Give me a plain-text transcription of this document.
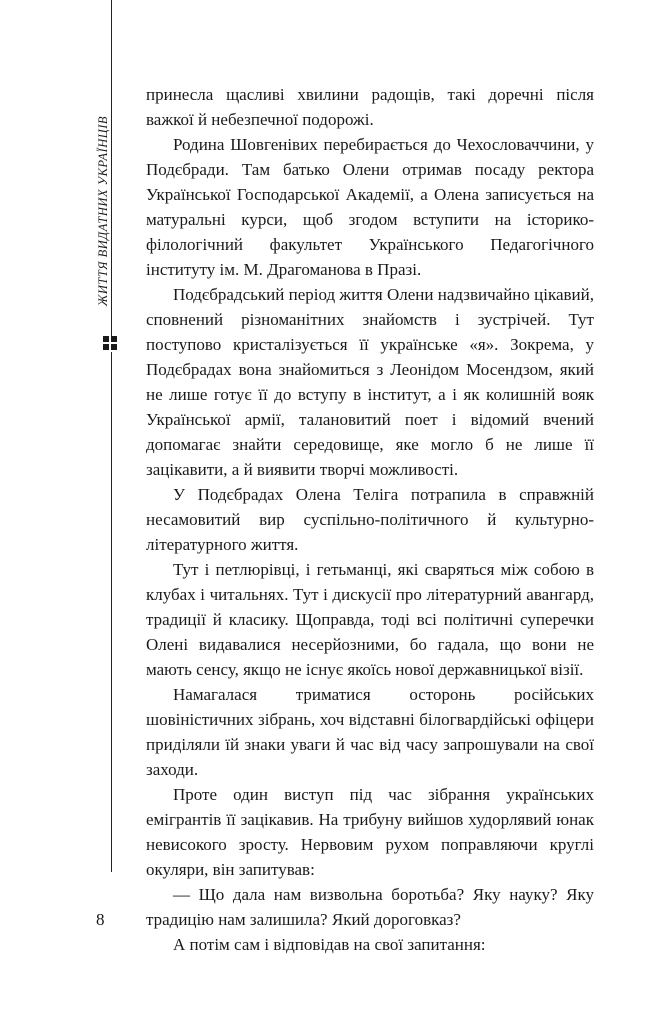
ЖИТТЯ ВИДАТНИХ УКРАЇНЦІВ
8

принесла щасливі хвилини радощів, такі доречні після важкої й небезпечної подорожі.

Родина Шовгенівих перебирається до Чехословаччини, у Подєбради. Там батько Олени отримав посаду ректора Української Господарської Академії, а Олена записується на матуральні курси, щоб згодом вступити на історико-філологічний факультет Українського Педагогічного інституту ім. М. Драгоманова в Празі.

Подєбрадський період життя Олени надзвичайно цікавий, сповнений різноманітних знайомств і зустрічей. Тут поступово кристалізується її українське «я». Зокрема, у Подєбрадах вона знайомиться з Леонідом Мосендзом, який не лише готує її до вступу в інститут, а і як колишній вояк Української армії, талановитий поет і відомий вчений допомагає знайти середовище, яке могло б не лише її зацікавити, а й виявити творчі можливості.

У Подєбрадах Олена Теліга потрапила в справжній несамовитий вир суспільно-політичного й культурно-літературного життя.

Тут і петлюрівці, і гетьманці, які сваряться між собою в клубах і читальнях. Тут і дискусії про літературний авангард, традиції й класику. Щоправда, тоді всі політичні суперечки Олені видавалися несерйозними, бо гадала, що вони не мають сенсу, якщо не існує якоїсь нової державницької візії.

Намагалася триматися осторонь російських шовіністичних зібрань, хоч відставні білогвардійські офіцери приділяли їй знаки уваги й час від часу запрошували на свої заходи.

Проте один виступ під час зібрання українських емігрантів її зацікавив. На трибуну вийшов худорлявий юнак невисокого зросту. Нервовим рухом поправляючи круглі окуляри, він запитував:

— Що дала нам визвольна боротьба? Яку науку? Яку традицію нам залишила? Який дороговказ?

А потім сам і відповідав на свої запитання:
